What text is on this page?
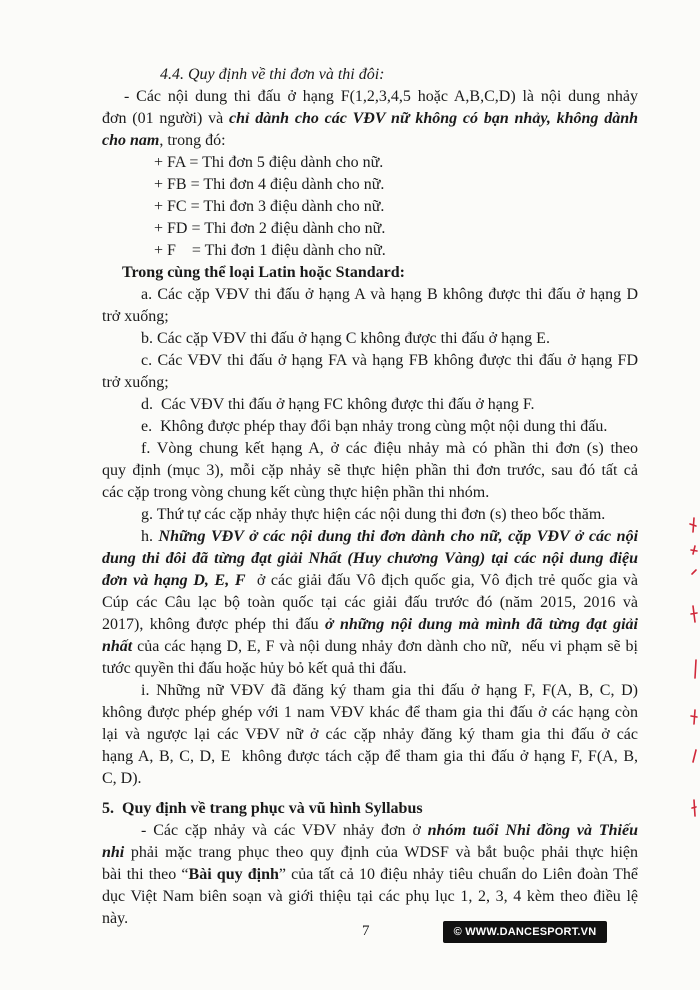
4.4. Quy định về thi đơn và thi đôi:
- Các nội dung thi đấu ở hạng F(1,2,3,4,5 hoặc A,B,C,D) là nội dung nhảy
đơn (01 người) và chỉ dành cho các VĐV nữ không có bạn nhảy, không dành
cho nam, trong đó:
+ FA = Thi đơn 5 điệu dành cho nữ.
+ FB = Thi đơn 4 điệu dành cho nữ.
+ FC = Thi đơn 3 điệu dành cho nữ.
+ FD = Thi đơn 2 điệu dành cho nữ.
+ F    = Thi đơn 1 điệu dành cho nữ.
Trong cùng thể loại Latin hoặc Standard:
a. Các cặp VĐV thi đấu ở hạng A và hạng B không được thi đấu ở hạng D
trở xuống;
b. Các cặp VĐV thi đấu ở hạng C không được thi đấu ở hạng E.
c. Các VĐV thi đấu ở hạng FA và hạng FB không được thi đấu ở hạng FD
trở xuống;
d.  Các VĐV thi đấu ở hạng FC không được thi đấu ở hạng F.
e.  Không được phép thay đổi bạn nhảy trong cùng một nội dung thi đấu.
f. Vòng chung kết hạng A, ở các điệu nhảy mà có phần thi đơn (s) theo
quy định (mục 3), mỗi cặp nhảy sẽ thực hiện phần thi đơn trước, sau đó tất cả
các cặp trong vòng chung kết cùng thực hiện phần thi nhóm.
g. Thứ tự các cặp nhảy thực hiện các nội dung thi đơn (s) theo bốc thăm.
h. Những VĐV ở các nội dung thi đơn dành cho nữ, cặp VĐV ở các nội
dung thi đôi đã từng đạt giải Nhất (Huy chương Vàng) tại các nội dung điệu
đơn và hạng D, E, F  ở các giải đấu Vô địch quốc gia, Vô địch trẻ quốc gia và
Cúp các Câu lạc bộ toàn quốc tại các giải đấu trước đó (năm 2015, 2016 và
2017), không được phép thi đấu ở những nội dung mà mình đã từng đạt giải
nhất của các hạng D, E, F và nội dung nhảy đơn dành cho nữ,  nếu vi phạm sẽ bị
tước quyền thi đấu hoặc hủy bỏ kết quả thi đấu.
i. Những nữ VĐV đã đăng ký tham gia thi đấu ở hạng F, F(A, B, C, D)
không được phép ghép với 1 nam VĐV khác để tham gia thi đấu ở các hạng còn
lại và ngược lại các VĐV nữ ở các cặp nhảy đăng ký tham gia thi đấu ở các
hạng A, B, C, D, E  không được tách cặp để tham gia thi đấu ở hạng F, F(A, B,
C, D).
5. Quy định về trang phục và vũ hình Syllabus
- Các cặp nhảy và các VĐV nhảy đơn ở nhóm tuổi Nhi đồng và Thiếu
nhi phải mặc trang phục theo quy định của WDSF và bắt buộc phải thực hiện
bài thi theo “Bài quy định” của tất cả 10 điệu nhảy tiêu chuẩn do Liên đoàn Thể
dục Việt Nam biên soạn và giới thiệu tại các phụ lục 1, 2, 3, 4 kèm theo điều lệ
này.
7	© WWW.DANCESPORT.VN
